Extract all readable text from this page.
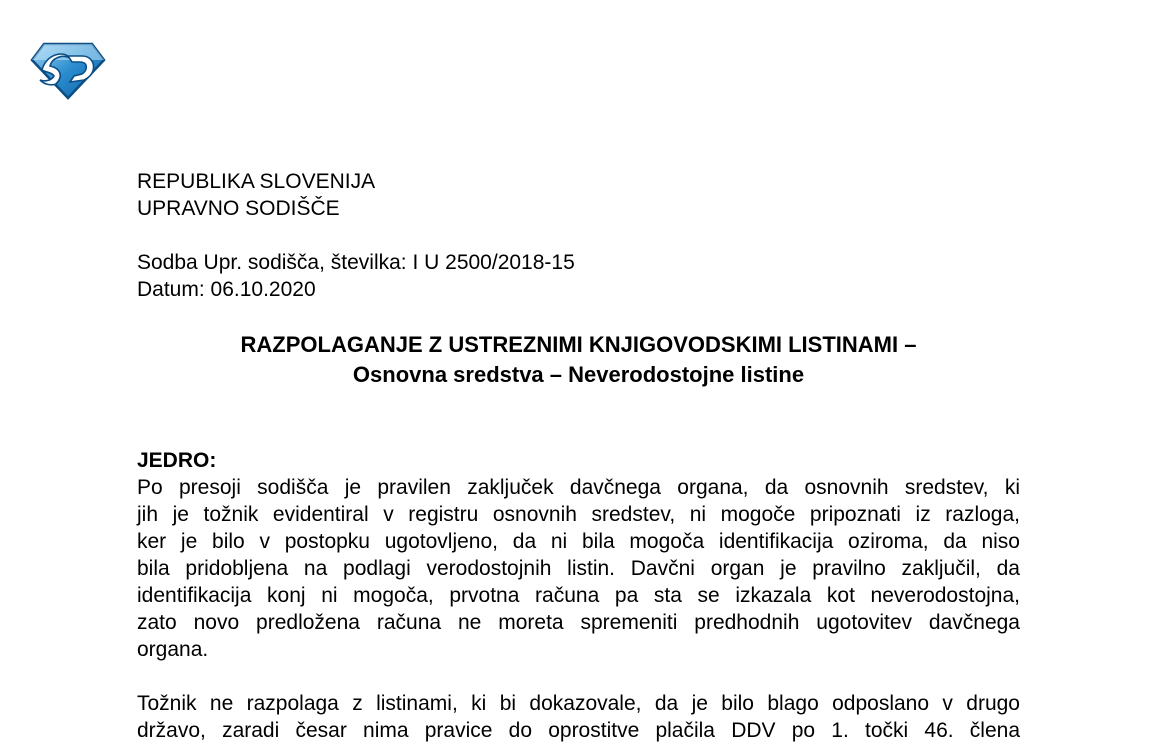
REPUBLIKA SLOVENIJA
UPRAVNO SODIŠČE
Sodba Upr. sodišča, številka: I U 2500/2018-15
Datum: 06.10.2020
RAZPOLAGANJE Z USTREZNIMI KNJIGOVODSKIMI LISTINAMI –
Osnovna sredstva – Neverodostojne listine
JEDRO:
Po presoji sodišča je pravilen zaključek davčnega organa, da osnovnih sredstev, ki
jih je tožnik evidentiral v registru osnovnih sredstev, ni mogoče pripoznati iz razloga,
ker je bilo v postopku ugotovljeno, da ni bila mogoča identifikacija oziroma, da niso
bila pridobljena na podlagi verodostojnih listin. Davčni organ je pravilno zaključil, da
identifikacija konj ni mogoča, prvotna računa pa sta se izkazala kot neverodostojna,
zato novo predložena računa ne moreta spremeniti predhodnih ugotovitev davčnega
organa.
Tožnik ne razpolaga z listinami, ki bi dokazovale, da je bilo blago odposlano v drugo
državo, zaradi česar nima pravice do oprostitve plačila DDV po 1. točki 46. člena
